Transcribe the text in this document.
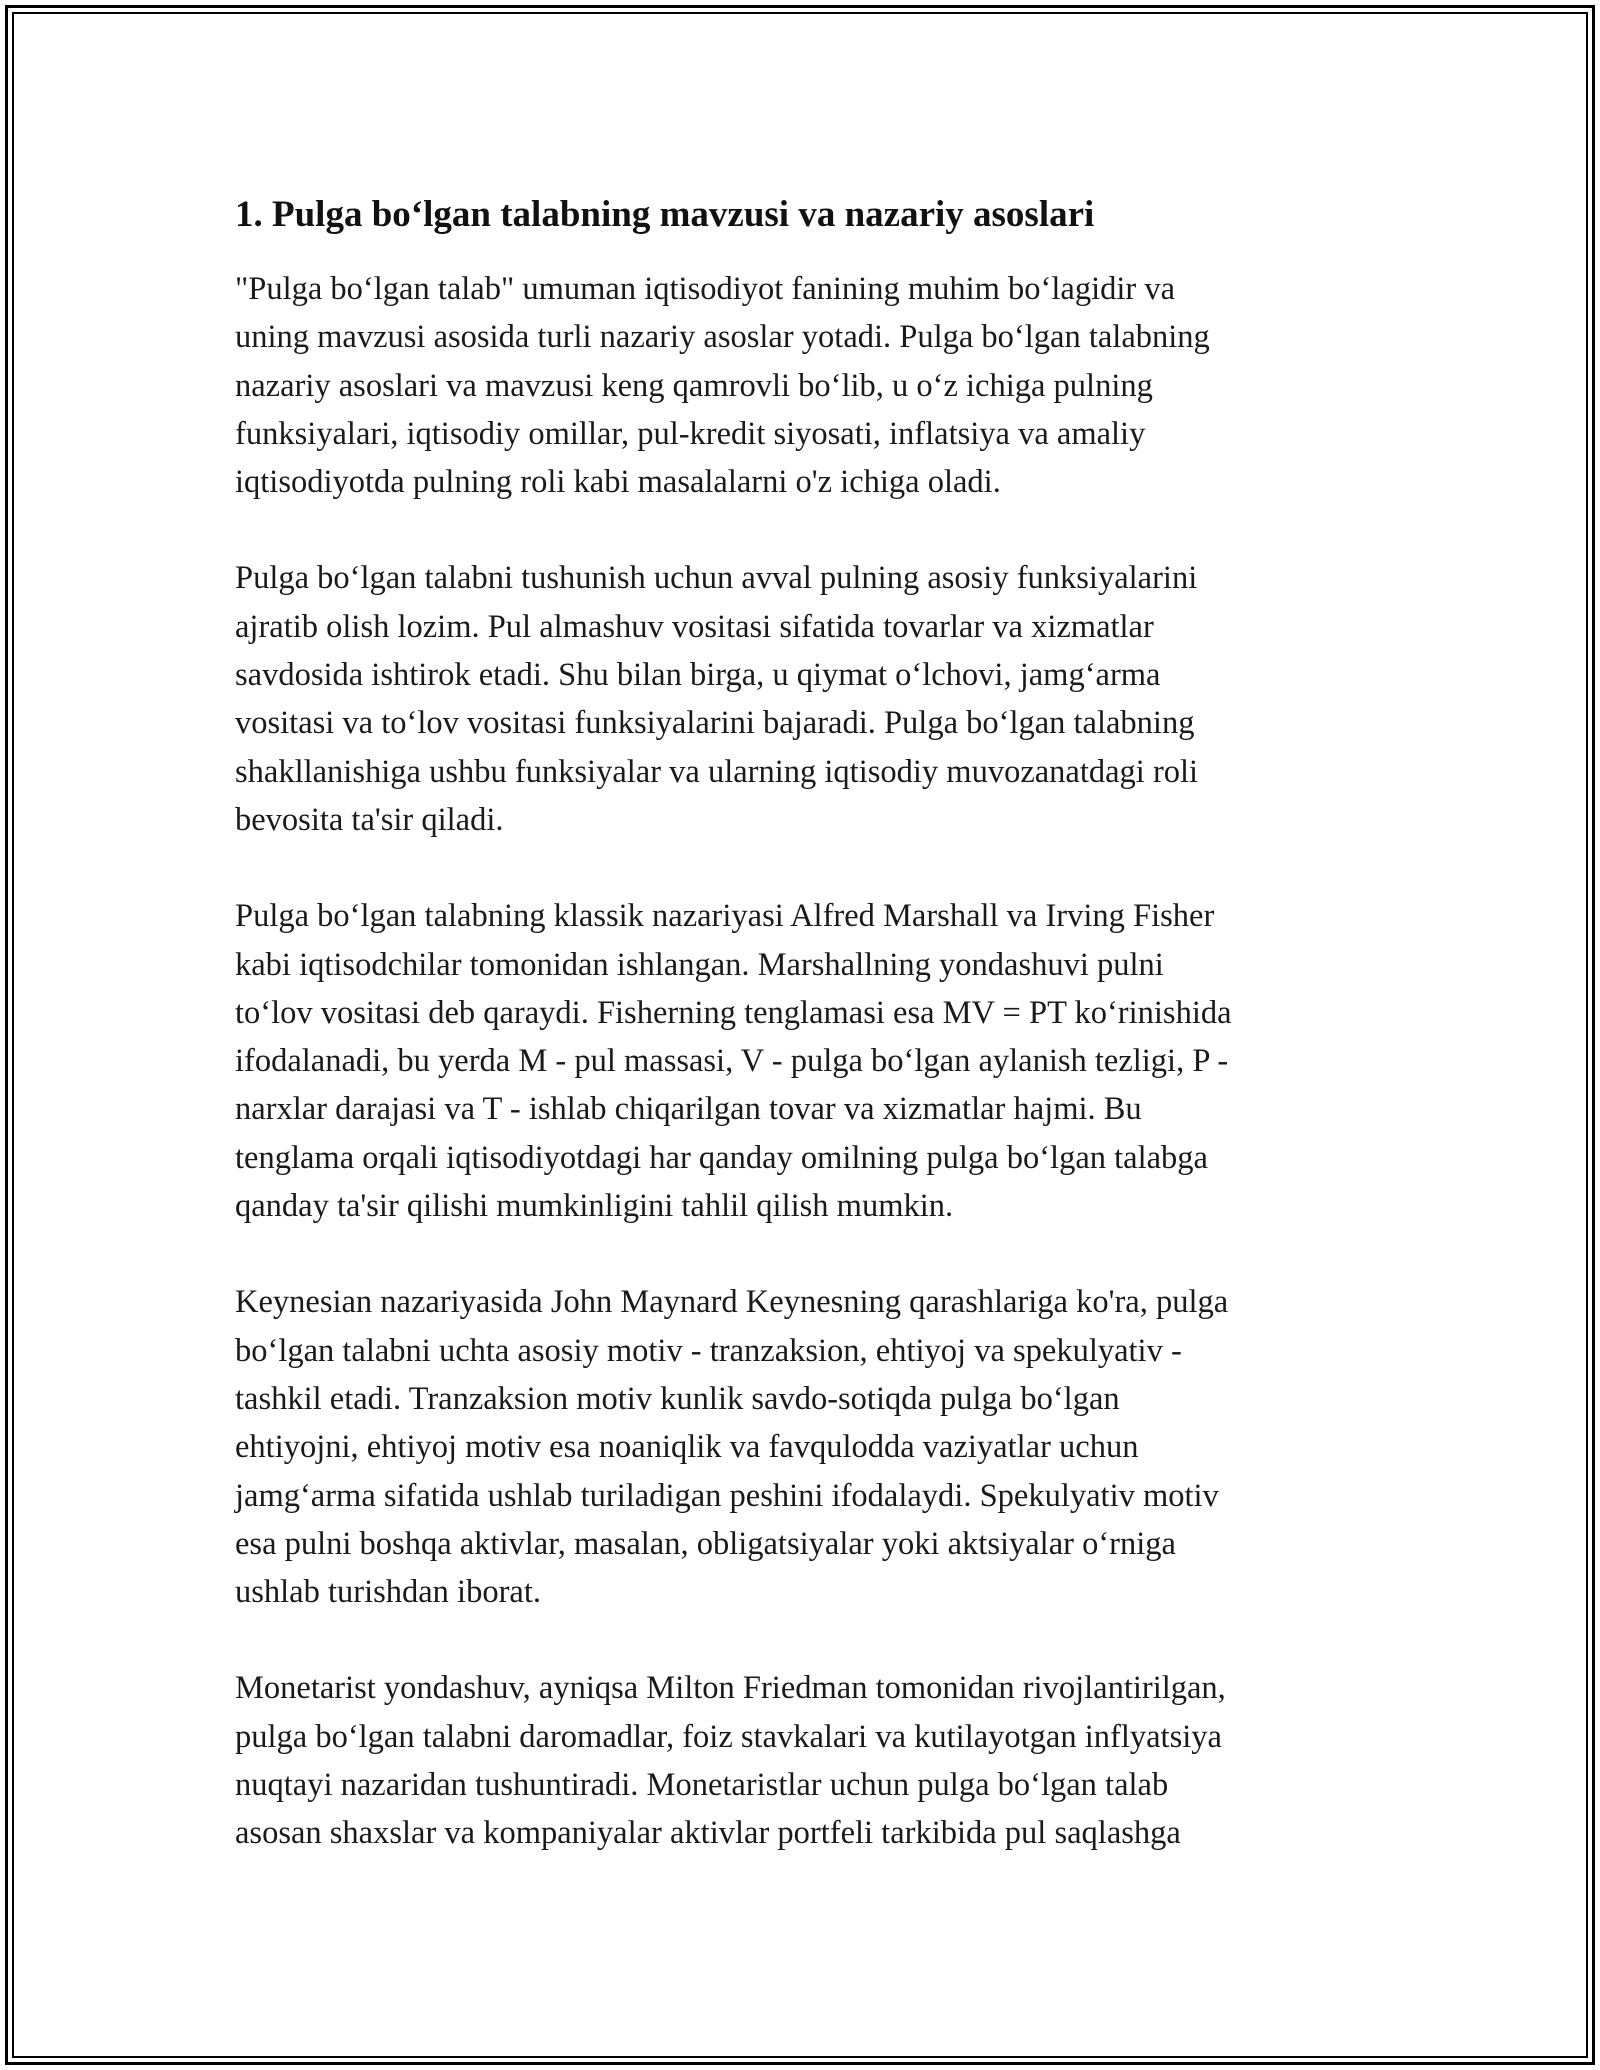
1. Pulga bo‘lgan talabning mavzusi va nazariy asoslari

"Pulga bo‘lgan talab" umuman iqtisodiyot fanining muhim bo‘lagidir va
uning mavzusi asosida turli nazariy asoslar yotadi. Pulga bo‘lgan talabning
nazariy asoslari va mavzusi keng qamrovli bo‘lib, u o‘z ichiga pulning
funksiyalari, iqtisodiy omillar, pul-kredit siyosati, inflatsiya va amaliy
iqtisodiyotda pulning roli kabi masalalarni o'z ichiga oladi.

Pulga bo‘lgan talabni tushunish uchun avval pulning asosiy funksiyalarini
ajratib olish lozim. Pul almashuv vositasi sifatida tovarlar va xizmatlar
savdosida ishtirok etadi. Shu bilan birga, u qiymat o‘lchovi, jamg‘arma
vositasi va to‘lov vositasi funksiyalarini bajaradi. Pulga bo‘lgan talabning
shakllanishiga ushbu funksiyalar va ularning iqtisodiy muvozanatdagi roli
bevosita ta'sir qiladi.

Pulga bo‘lgan talabning klassik nazariyasi Alfred Marshall va Irving Fisher
kabi iqtisodchilar tomonidan ishlangan. Marshallning yondashuvi pulni
to‘lov vositasi deb qaraydi. Fisherning tenglamasi esa MV = PT ko‘rinishida
ifodalanadi, bu yerda M - pul massasi, V - pulga bo‘lgan aylanish tezligi, P -
narxlar darajasi va T - ishlab chiqarilgan tovar va xizmatlar hajmi. Bu
tenglama orqali iqtisodiyotdagi har qanday omilning pulga bo‘lgan talabga
qanday ta'sir qilishi mumkinligini tahlil qilish mumkin.

Keynesian nazariyasida John Maynard Keynesning qarashlariga ko'ra, pulga
bo‘lgan talabni uchta asosiy motiv - tranzaksion, ehtiyoj va spekulyativ -
tashkil etadi. Tranzaksion motiv kunlik savdo-sotiqda pulga bo‘lgan
ehtiyojni, ehtiyoj motiv esa noaniqlik va favqulodda vaziyatlar uchun
jamg‘arma sifatida ushlab turiladigan peshini ifodalaydi. Spekulyativ motiv
esa pulni boshqa aktivlar, masalan, obligatsiyalar yoki aktsiyalar o‘rniga
ushlab turishdan iborat.

Monetarist yondashuv, ayniqsa Milton Friedman tomonidan rivojlantirilgan,
pulga bo‘lgan talabni daromadlar, foiz stavkalari va kutilayotgan inflyatsiya
nuqtayi nazaridan tushuntiradi. Monetaristlar uchun pulga bo‘lgan talab
asosan shaxslar va kompaniyalar aktivlar portfeli tarkibida pul saqlashga
